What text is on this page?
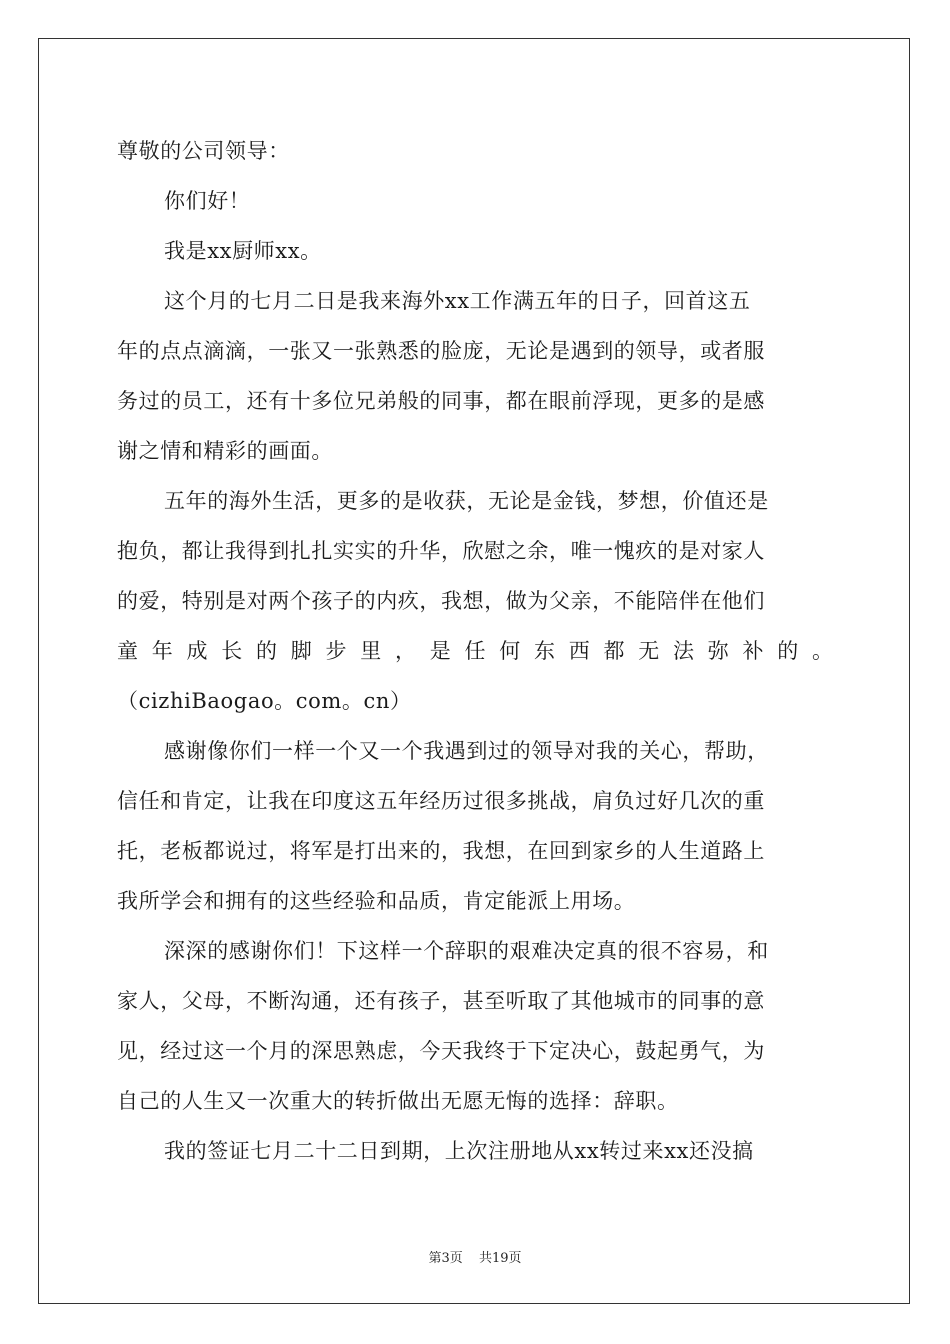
尊敬的公司领导：
你们好！
我是xx厨师xx。
这个月的七月二日是我来海外xx工作满五年的日子，回首这五
年的点点滴滴，一张又一张熟悉的脸庞，无论是遇到的领导，或者服
务过的员工，还有十多位兄弟般的同事，都在眼前浮现，更多的是感
谢之情和精彩的画面。
五年的海外生活，更多的是收获，无论是金钱，梦想，价值还是
抱负，都让我得到扎扎实实的升华，欣慰之余，唯一愧疚的是对家人
的爱，特别是对两个孩子的内疚，我想，做为父亲，不能陪伴在他们
童年成长的脚步里，是任何东西都无法弥补的。
（cizhiBaogao。com。cn）
感谢像你们一样一个又一个我遇到过的领导对我的关心，帮助，
信任和肯定，让我在印度这五年经历过很多挑战，肩负过好几次的重
托，老板都说过，将军是打出来的，我想，在回到家乡的人生道路上
我所学会和拥有的这些经验和品质，肯定能派上用场。
深深的感谢你们！下这样一个辞职的艰难决定真的很不容易，和
家人，父母，不断沟通，还有孩子，甚至听取了其他城市的同事的意
见，经过这一个月的深思熟虑，今天我终于下定决心，鼓起勇气，为
自己的人生又一次重大的转折做出无愿无悔的选择：辞职。
我的签证七月二十二日到期，上次注册地从xx转过来xx还没搞
第3页 共19页
